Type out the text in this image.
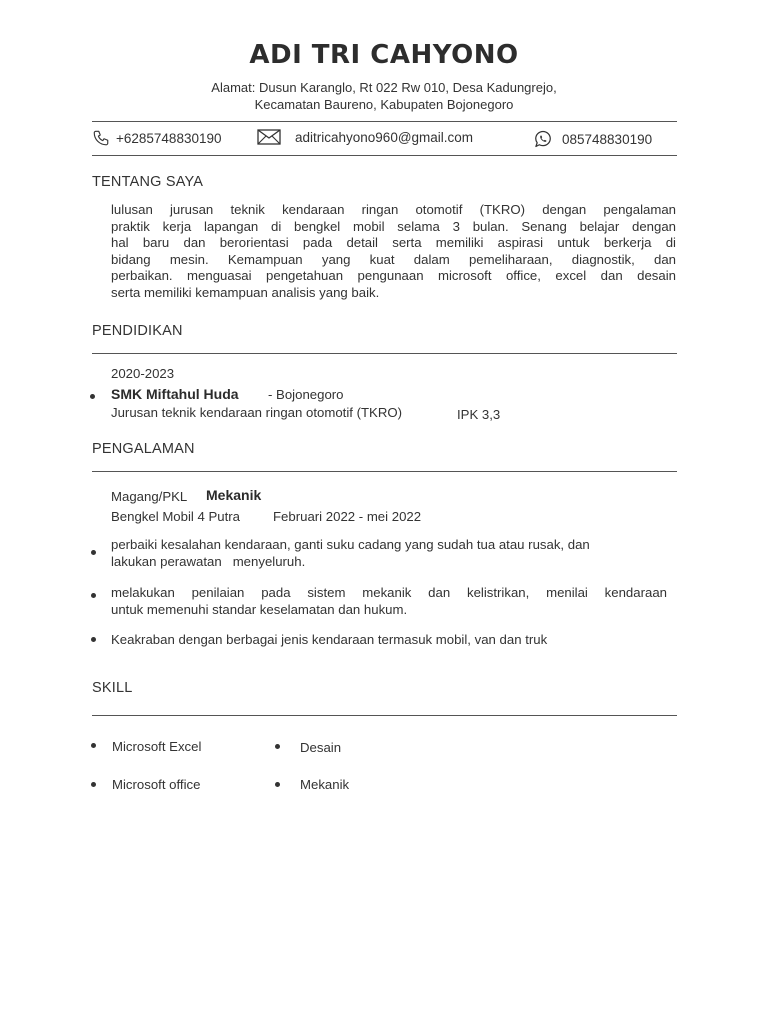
ADI TRI CAHYONO
Alamat: Dusun Karanglo, Rt 022 Rw 010, Desa Kadungrejo,
Kecamatan Baureno, Kabupaten Bojonegoro
+6285748830190	aditricahyono960@gmail.com	085748830190
TENTANG SAYA
lulusan jurusan teknik kendaraan ringan otomotif (TKRO) dengan pengalaman
praktik kerja lapangan di bengkel mobil selama 3 bulan. Senang belajar dengan
hal baru dan berorientasi pada detail serta memiliki aspirasi untuk berkerja di
bidang mesin. Kemampuan yang kuat dalam pemeliharaan, diagnostik, dan
perbaikan. menguasai pengetahuan pengunaan microsoft office, excel dan desain
serta memiliki kemampuan analisis yang baik.
PENDIDIKAN
2020-2023
SMK Miftahul Huda - Bojonegoro
Jurusan teknik kendaraan ringan otomotif (TKRO)	IPK 3,3
PENGALAMAN
Magang/PKL Mekanik
Bengkel Mobil 4 Putra Februari 2022 - mei 2022
perbaiki kesalahan kendaraan, ganti suku cadang yang sudah tua atau rusak, dan
lakukan perawatan   menyeluruh.
melakukan penilaian pada sistem mekanik dan kelistrikan, menilai kendaraan
untuk memenuhi standar keselamatan dan hukum.
Keakraban dengan berbagai jenis kendaraan termasuk mobil, van dan truk
SKILL
Microsoft Excel	Desain
Microsoft office	Mekanik
